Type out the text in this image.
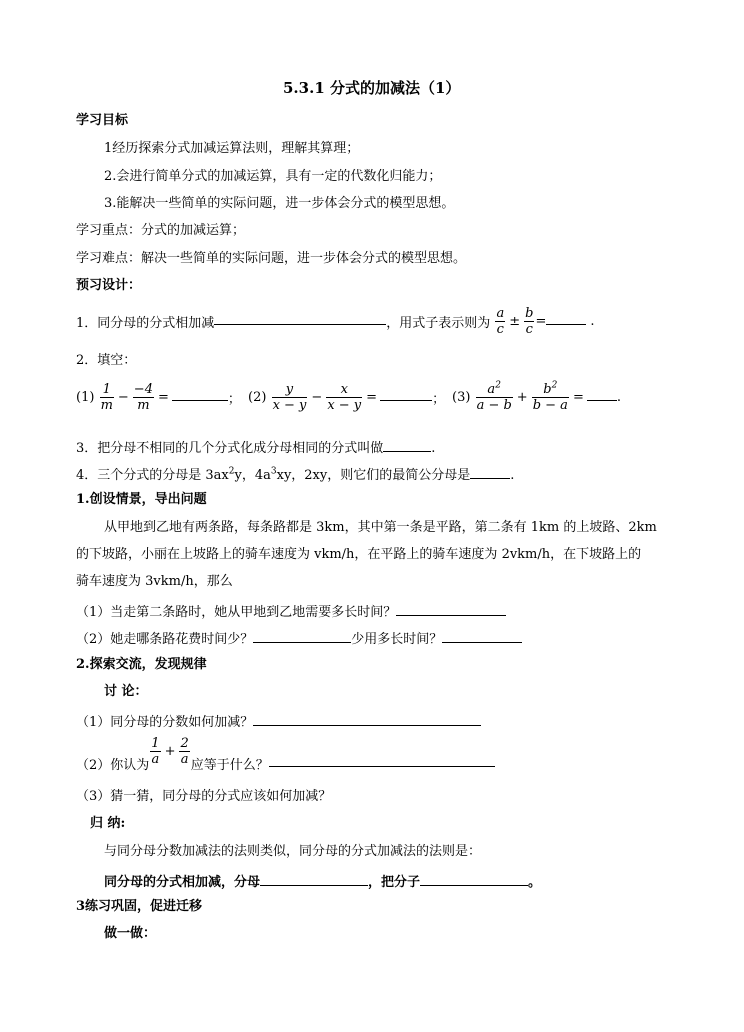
5.3.1 分式的加减法（1）
学习目标
1经历探索分式加减运算法则，理解其算理；
2.会进行简单分式的加减运算，具有一定的代数化归能力；
3.能解决一些简单的实际问题，进一步体会分式的模型思想。
学习重点：分式的加减运算；
学习难点：解决一些简单的实际问题，进一步体会分式的模型思想。
预习设计：
1．同分母的分式相加减	，用式子表示则为 $\frac{a}{c} \pm \frac{b}{c}$ =	.
2．填空：
$(1) \frac{1}{m} - \frac{-4}{m}$ =	； $(2) \frac{y}{x - y} - \frac{x}{x - y}$ =	； $(3) \frac{a^2}{a - b} + \frac{b^2}{b - a}$ =	.
3．把分母不相同的几个分式化成分母相同的分式叫做	.
4．三个分式的分母是 $3ax^2y$，$4a^3xy$，2xy，则它们的最简公分母是	.
1.创设情景，导出问题
从甲地到乙地有两条路，每条路都是 3km，其中第一条是平路，第二条有 1km 的上坡路、2km
的下坡路，小丽在上坡路上的骑车速度为 vkm/h，在平路上的骑车速度为 2vkm/h，在下坡路上的
骑车速度为 3vkm/h，那么
（1）当走第二条路时，她从甲地到乙地需要多长时间？
（2）她走哪条路花费时间少？	少用多长时间？
2.探索交流，发现规律
讨 论：
（1）同分母的分数如何加减？
（2）你认为 $\frac{1}{a} + \frac{2}{a}$ 应等于什么？
（3）猜一猜，同分母的分式应该如何加减？
归 纳:
与同分母分数加减法的法则类似，同分母的分式加减法的法则是：
同分母的分式相加减，分母	，把分子	。
3练习巩固，促进迁移
做一做：
